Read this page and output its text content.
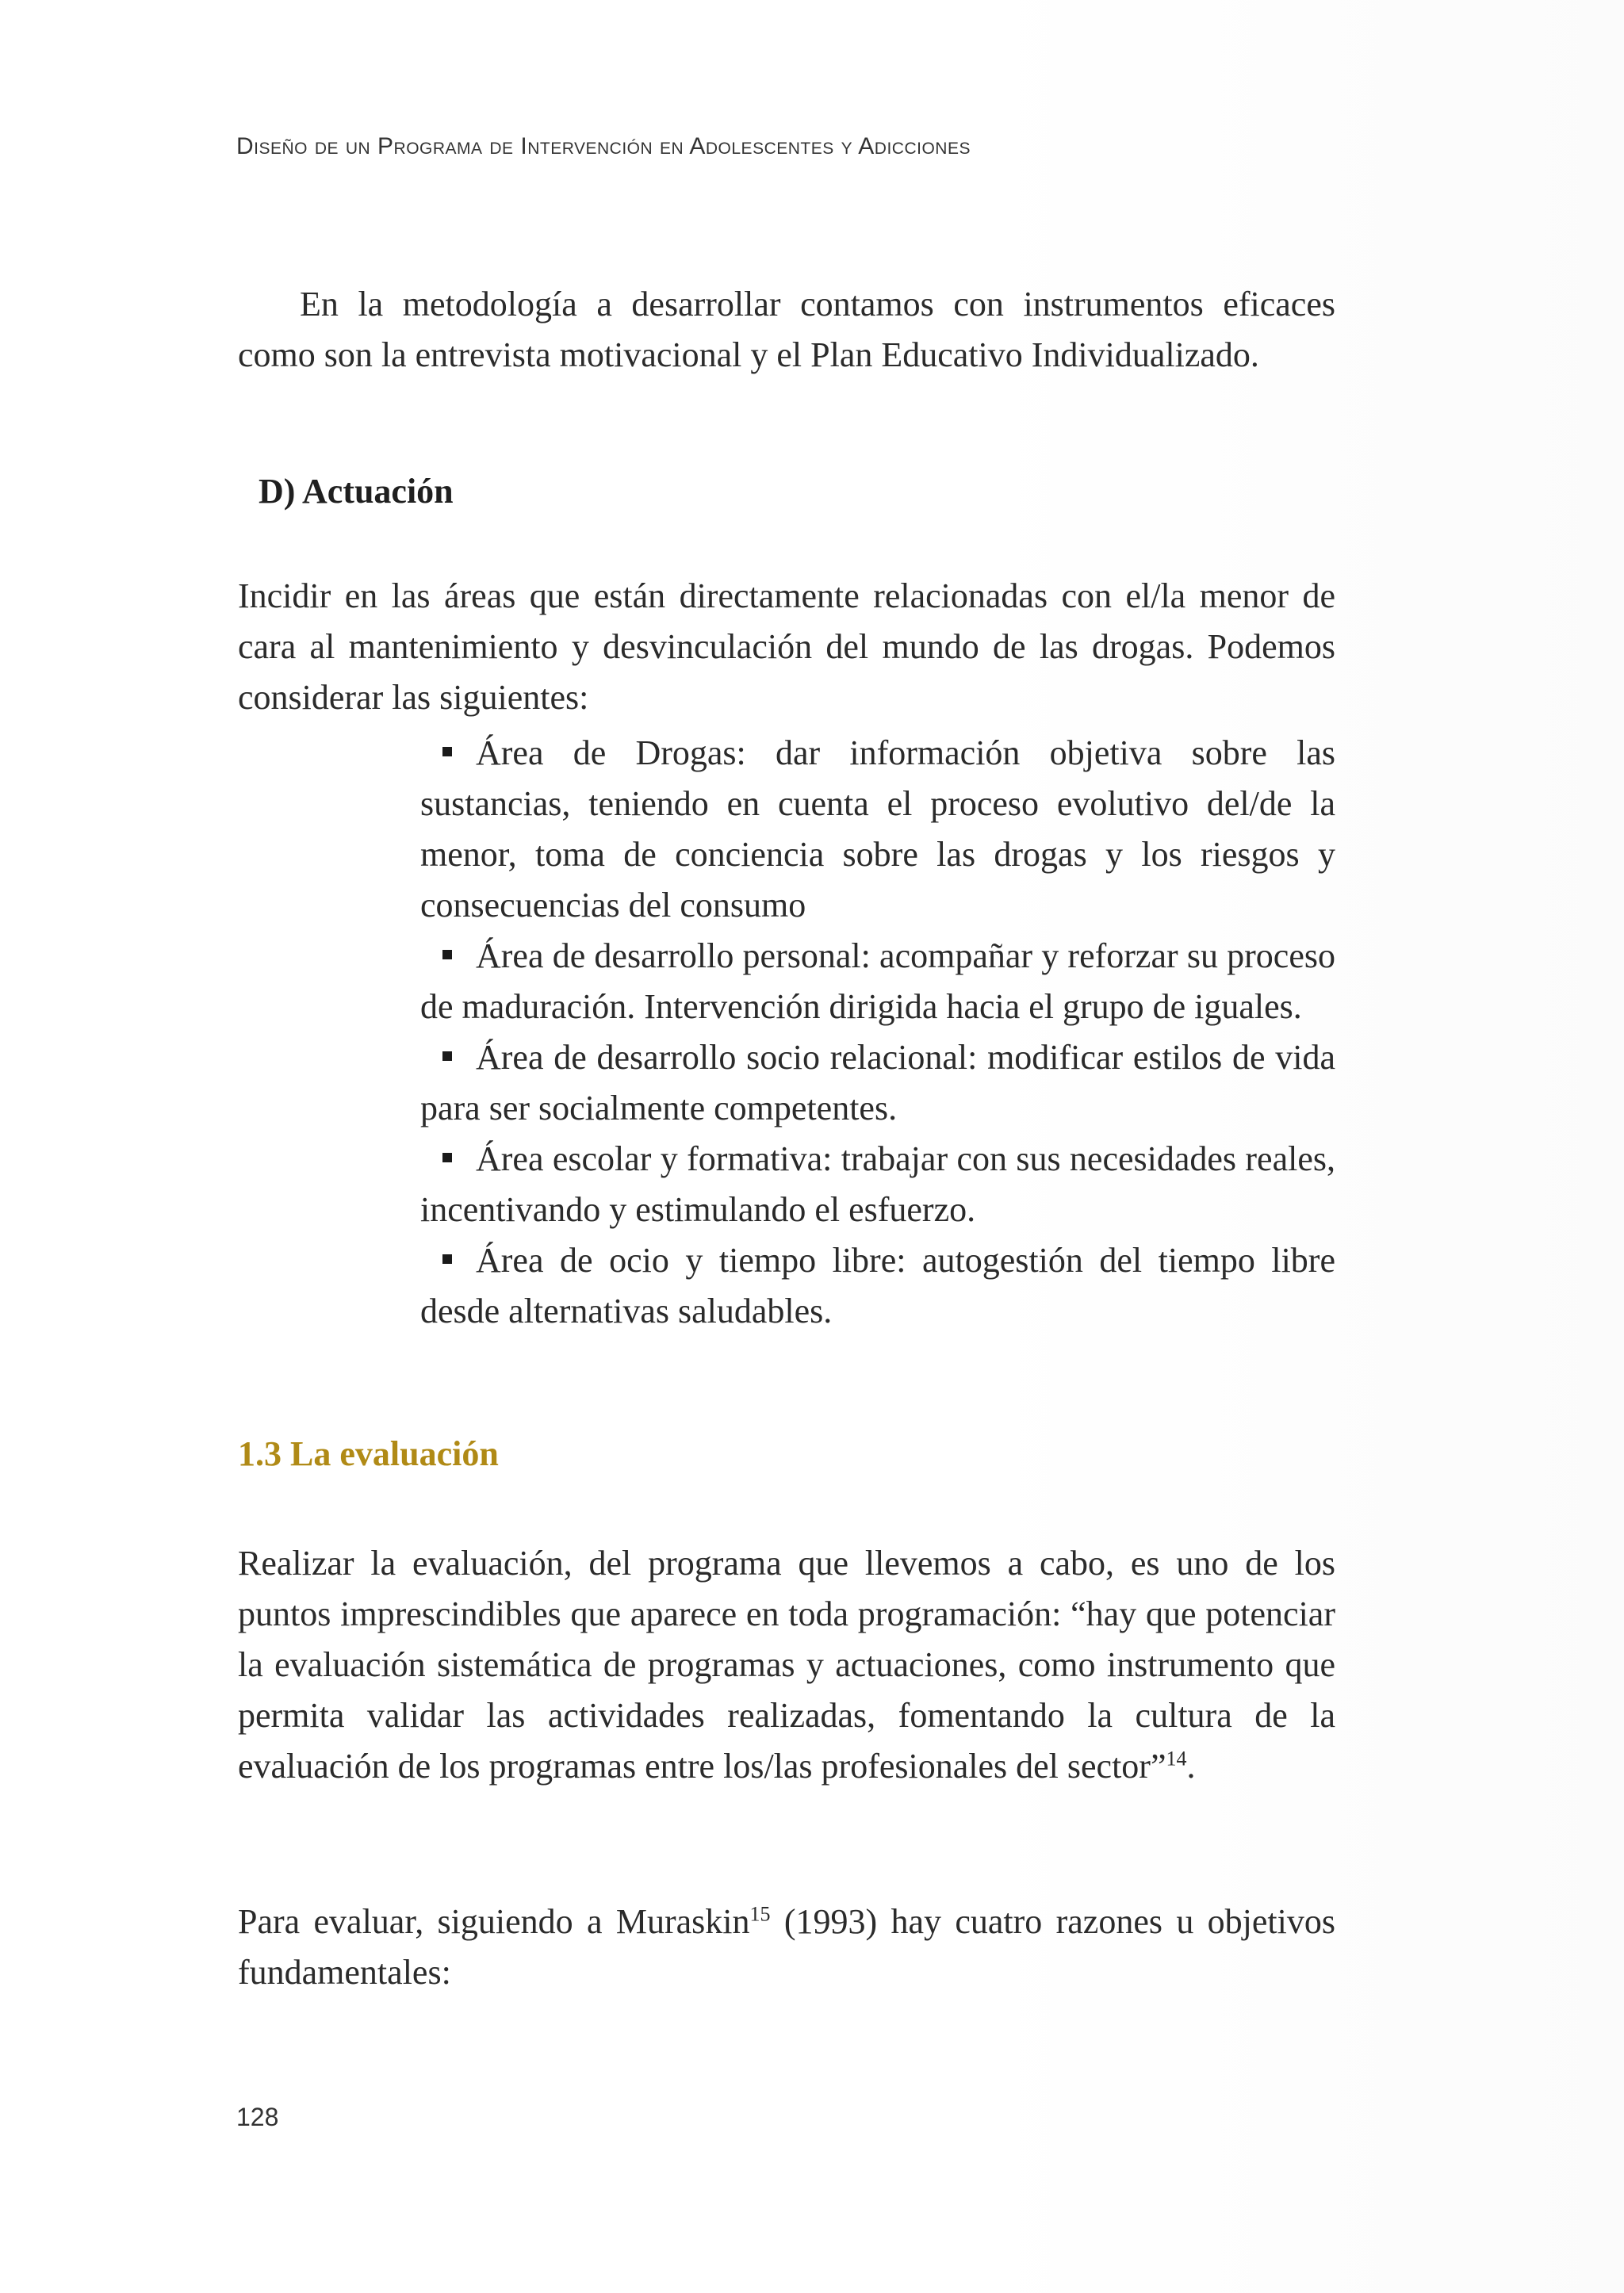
Diseño de un Programa de Intervención en Adolescentes y Adicciones

En la metodología a desarrollar contamos con instrumentos eficaces como son la entrevista motivacional y el Plan Educativo Individualizado.

D) Actuación

Incidir en las áreas que están directamente relacionadas con el/la menor de cara al mantenimiento y desvinculación del mundo de las drogas. Podemos considerar las siguientes:

Área de Drogas: dar información objetiva sobre las sustancias, teniendo en cuenta el proceso evolutivo del/de la menor, toma de conciencia sobre las drogas y los riesgos y consecuencias del consumo
Área de desarrollo personal: acompañar y reforzar su proceso de maduración. Intervención dirigida hacia el grupo de iguales.
Área de desarrollo socio relacional: modificar estilos de vida para ser socialmente competentes.
Área escolar y formativa: trabajar con sus necesidades reales, incentivando y estimulando el esfuerzo.
Área de ocio y tiempo libre: autogestión del tiempo libre desde alternativas saludables.
1.3 La evaluación

Realizar la evaluación, del programa que llevemos a cabo, es uno de los puntos imprescindibles que aparece en toda programación: “hay que potenciar la evaluación sistemática de programas y actuaciones, como instrumento que permita validar las actividades realizadas, fomentando la cultura de la evaluación de los programas entre los/las profesionales del sector”$^{14}$.

Para evaluar, siguiendo a Muraskin$^{15}$ (1993) hay cuatro razones u objetivos fundamentales:

128
